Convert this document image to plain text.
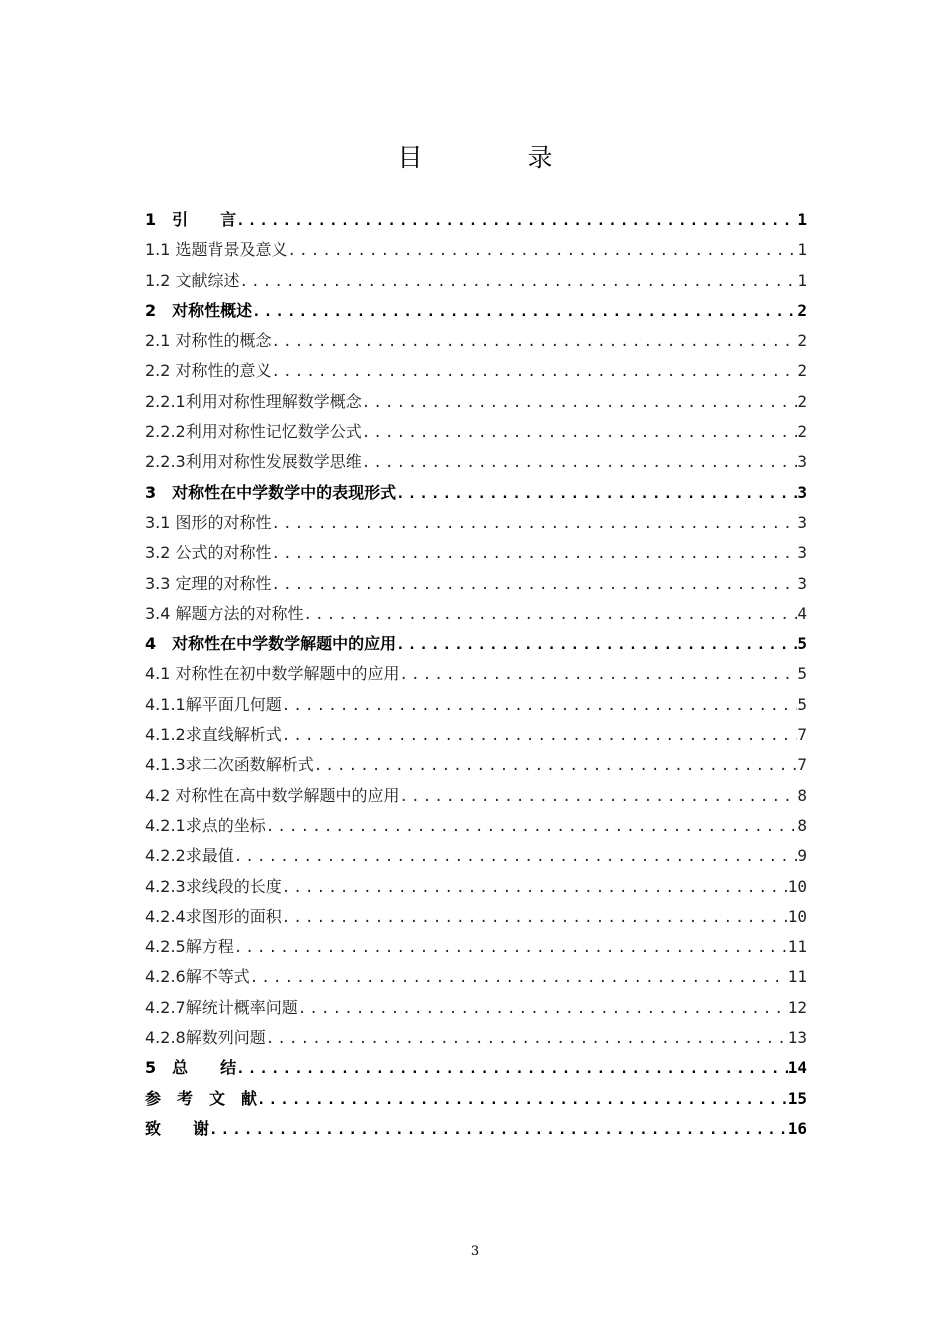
目　录
1　引　　言 .....	1
1.1 选题背景及意义 .....	1
1.2 文献综述 .....	1
2　对称性概述 .....	2
2.1 对称性的概念 .....	2
2.2 对称性的意义 .....	2
2.2.1利用对称性理解数学概念 .....	2
2.2.2利用对称性记忆数学公式 .....	2
2.2.3利用对称性发展数学思维 .....	3
3　对称性在中学数学中的表现形式 .....	3
3.1 图形的对称性 .....	3
3.2 公式的对称性 .....	3
3.3 定理的对称性 .....	3
3.4 解题方法的对称性 .....	4
4　对称性在中学数学解题中的应用 .....	5
4.1 对称性在初中数学解题中的应用 .....	5
4.1.1解平面几何题 .....	5
4.1.2求直线解析式 .....	7
4.1.3求二次函数解析式 .....	7
4.2 对称性在高中数学解题中的应用 .....	8
4.2.1求点的坐标 .....	8
4.2.2求最值 .....	9
4.2.3求线段的长度 .....	10
4.2.4求图形的面积 .....	10
4.2.5解方程 .....	11
4.2.6解不等式 .....	11
4.2.7解统计概率问题 .....	12
4.2.8解数列问题 .....	13
5　总　　结 .....	14
参　考　文　献 .....	15
致　　谢 .....	16
3
